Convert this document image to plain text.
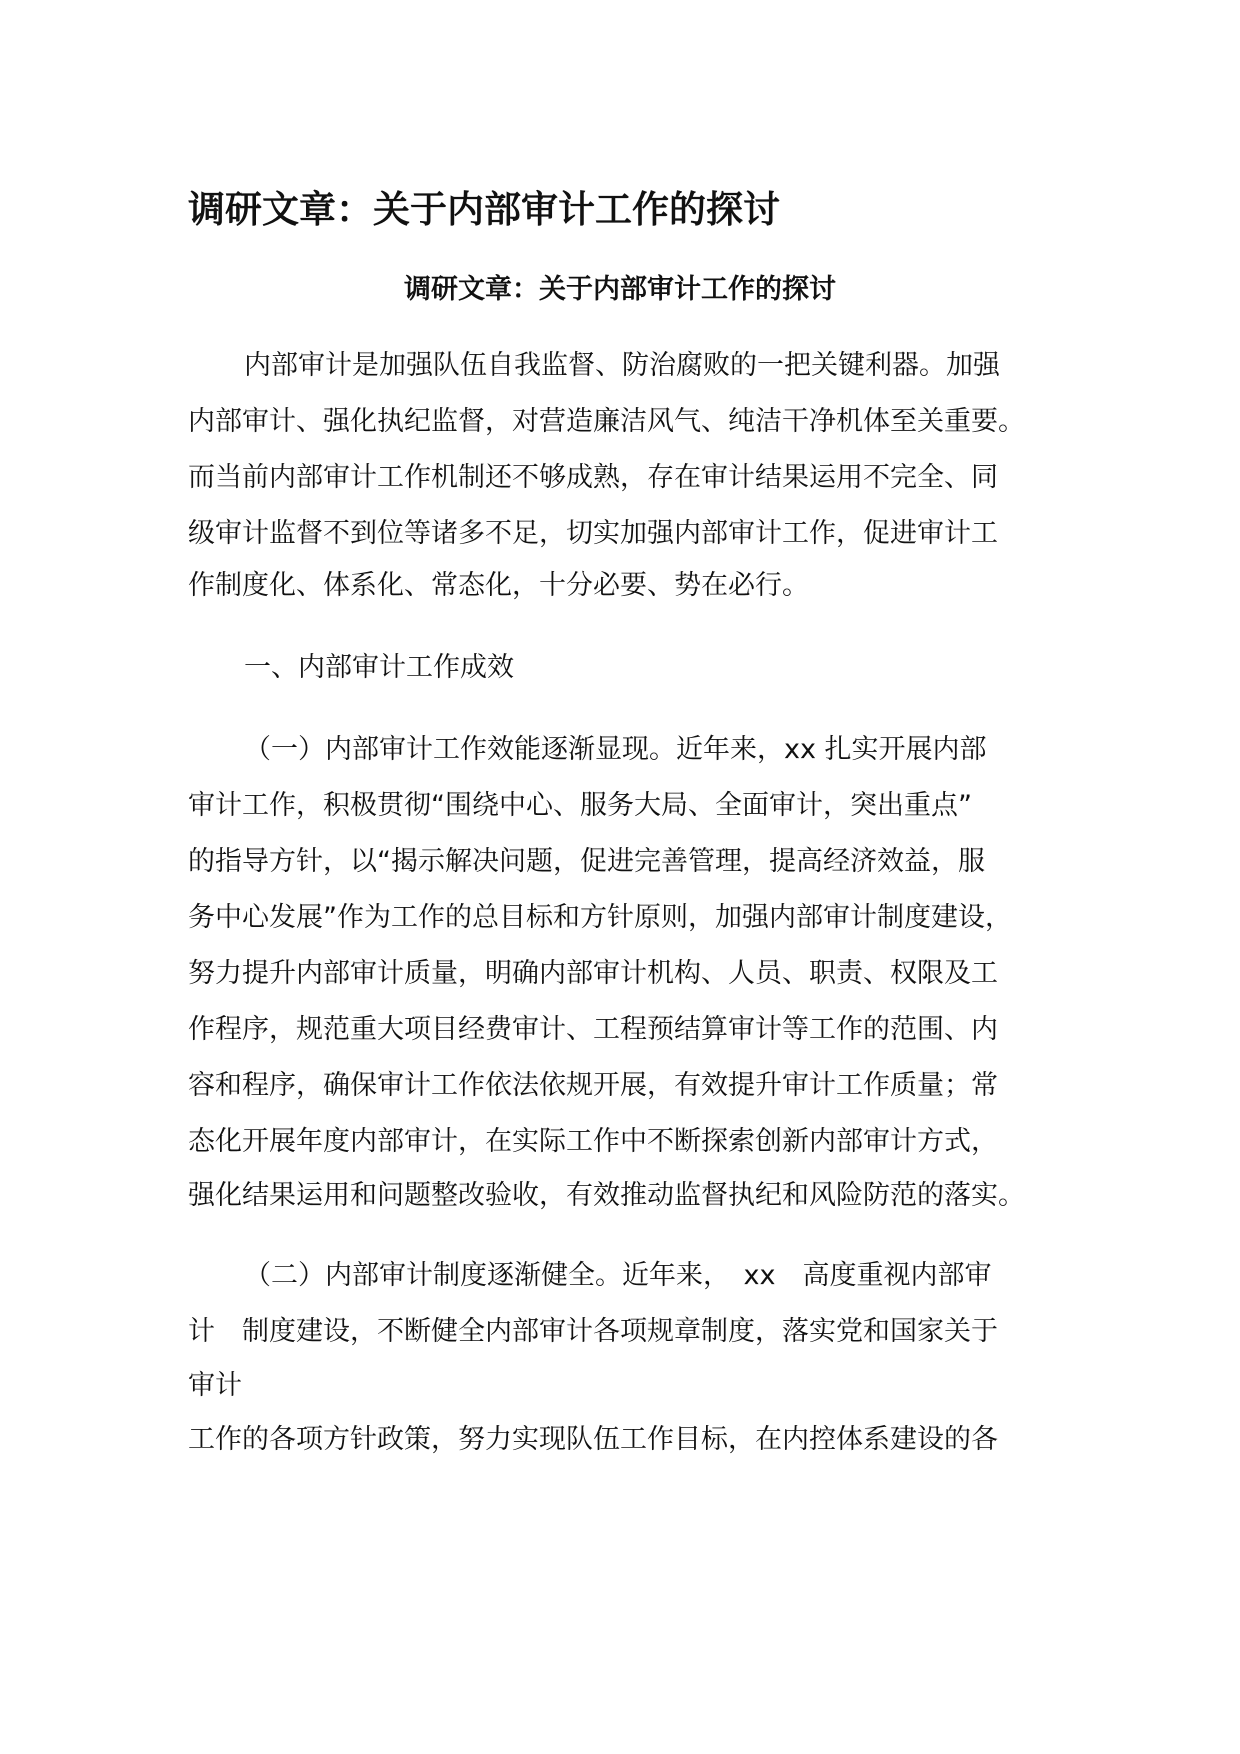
调研文章：关于内部审计工作的探讨
调研文章：关于内部审计工作的探讨

内部审计是加强队伍自我监督、防治腐败的一把关键利器。加强

内部审计、强化执纪监督，对营造廉洁风气、纯洁干净机体至关重要。

而当前内部审计工作机制还不够成熟，存在审计结果运用不完全、同

级审计监督不到位等诸多不足，切实加强内部审计工作，促进审计工

作制度化、体系化、常态化，十分必要、势在必行。

一、内部审计工作成效

（一）内部审计工作效能逐渐显现。近年来，xx 扎实开展内部

审计工作，积极贯彻“围绕中心、服务大局、全面审计，突出重点”

的指导方针，以“揭示解决问题，促进完善管理，提高经济效益，服

务中心发展”作为工作的总目标和方针原则，加强内部审计制度建设，

努力提升内部审计质量，明确内部审计机构、人员、职责、权限及工

作程序，规范重大项目经费审计、工程预结算审计等工作的范围、内

容和程序，确保审计工作依法依规开展，有效提升审计工作质量；常

态化开展年度内部审计，在实际工作中不断探索创新内部审计方式，

强化结果运用和问题整改验收，有效推动监督执纪和风险防范的落实。

（二）内部审计制度逐渐健全。近年来，　xx　高度重视内部审

计　制度建设，不断健全内部审计各项规章制度，落实党和国家关于

审计

工作的各项方针政策，努力实现队伍工作目标，在内控体系建设的各
